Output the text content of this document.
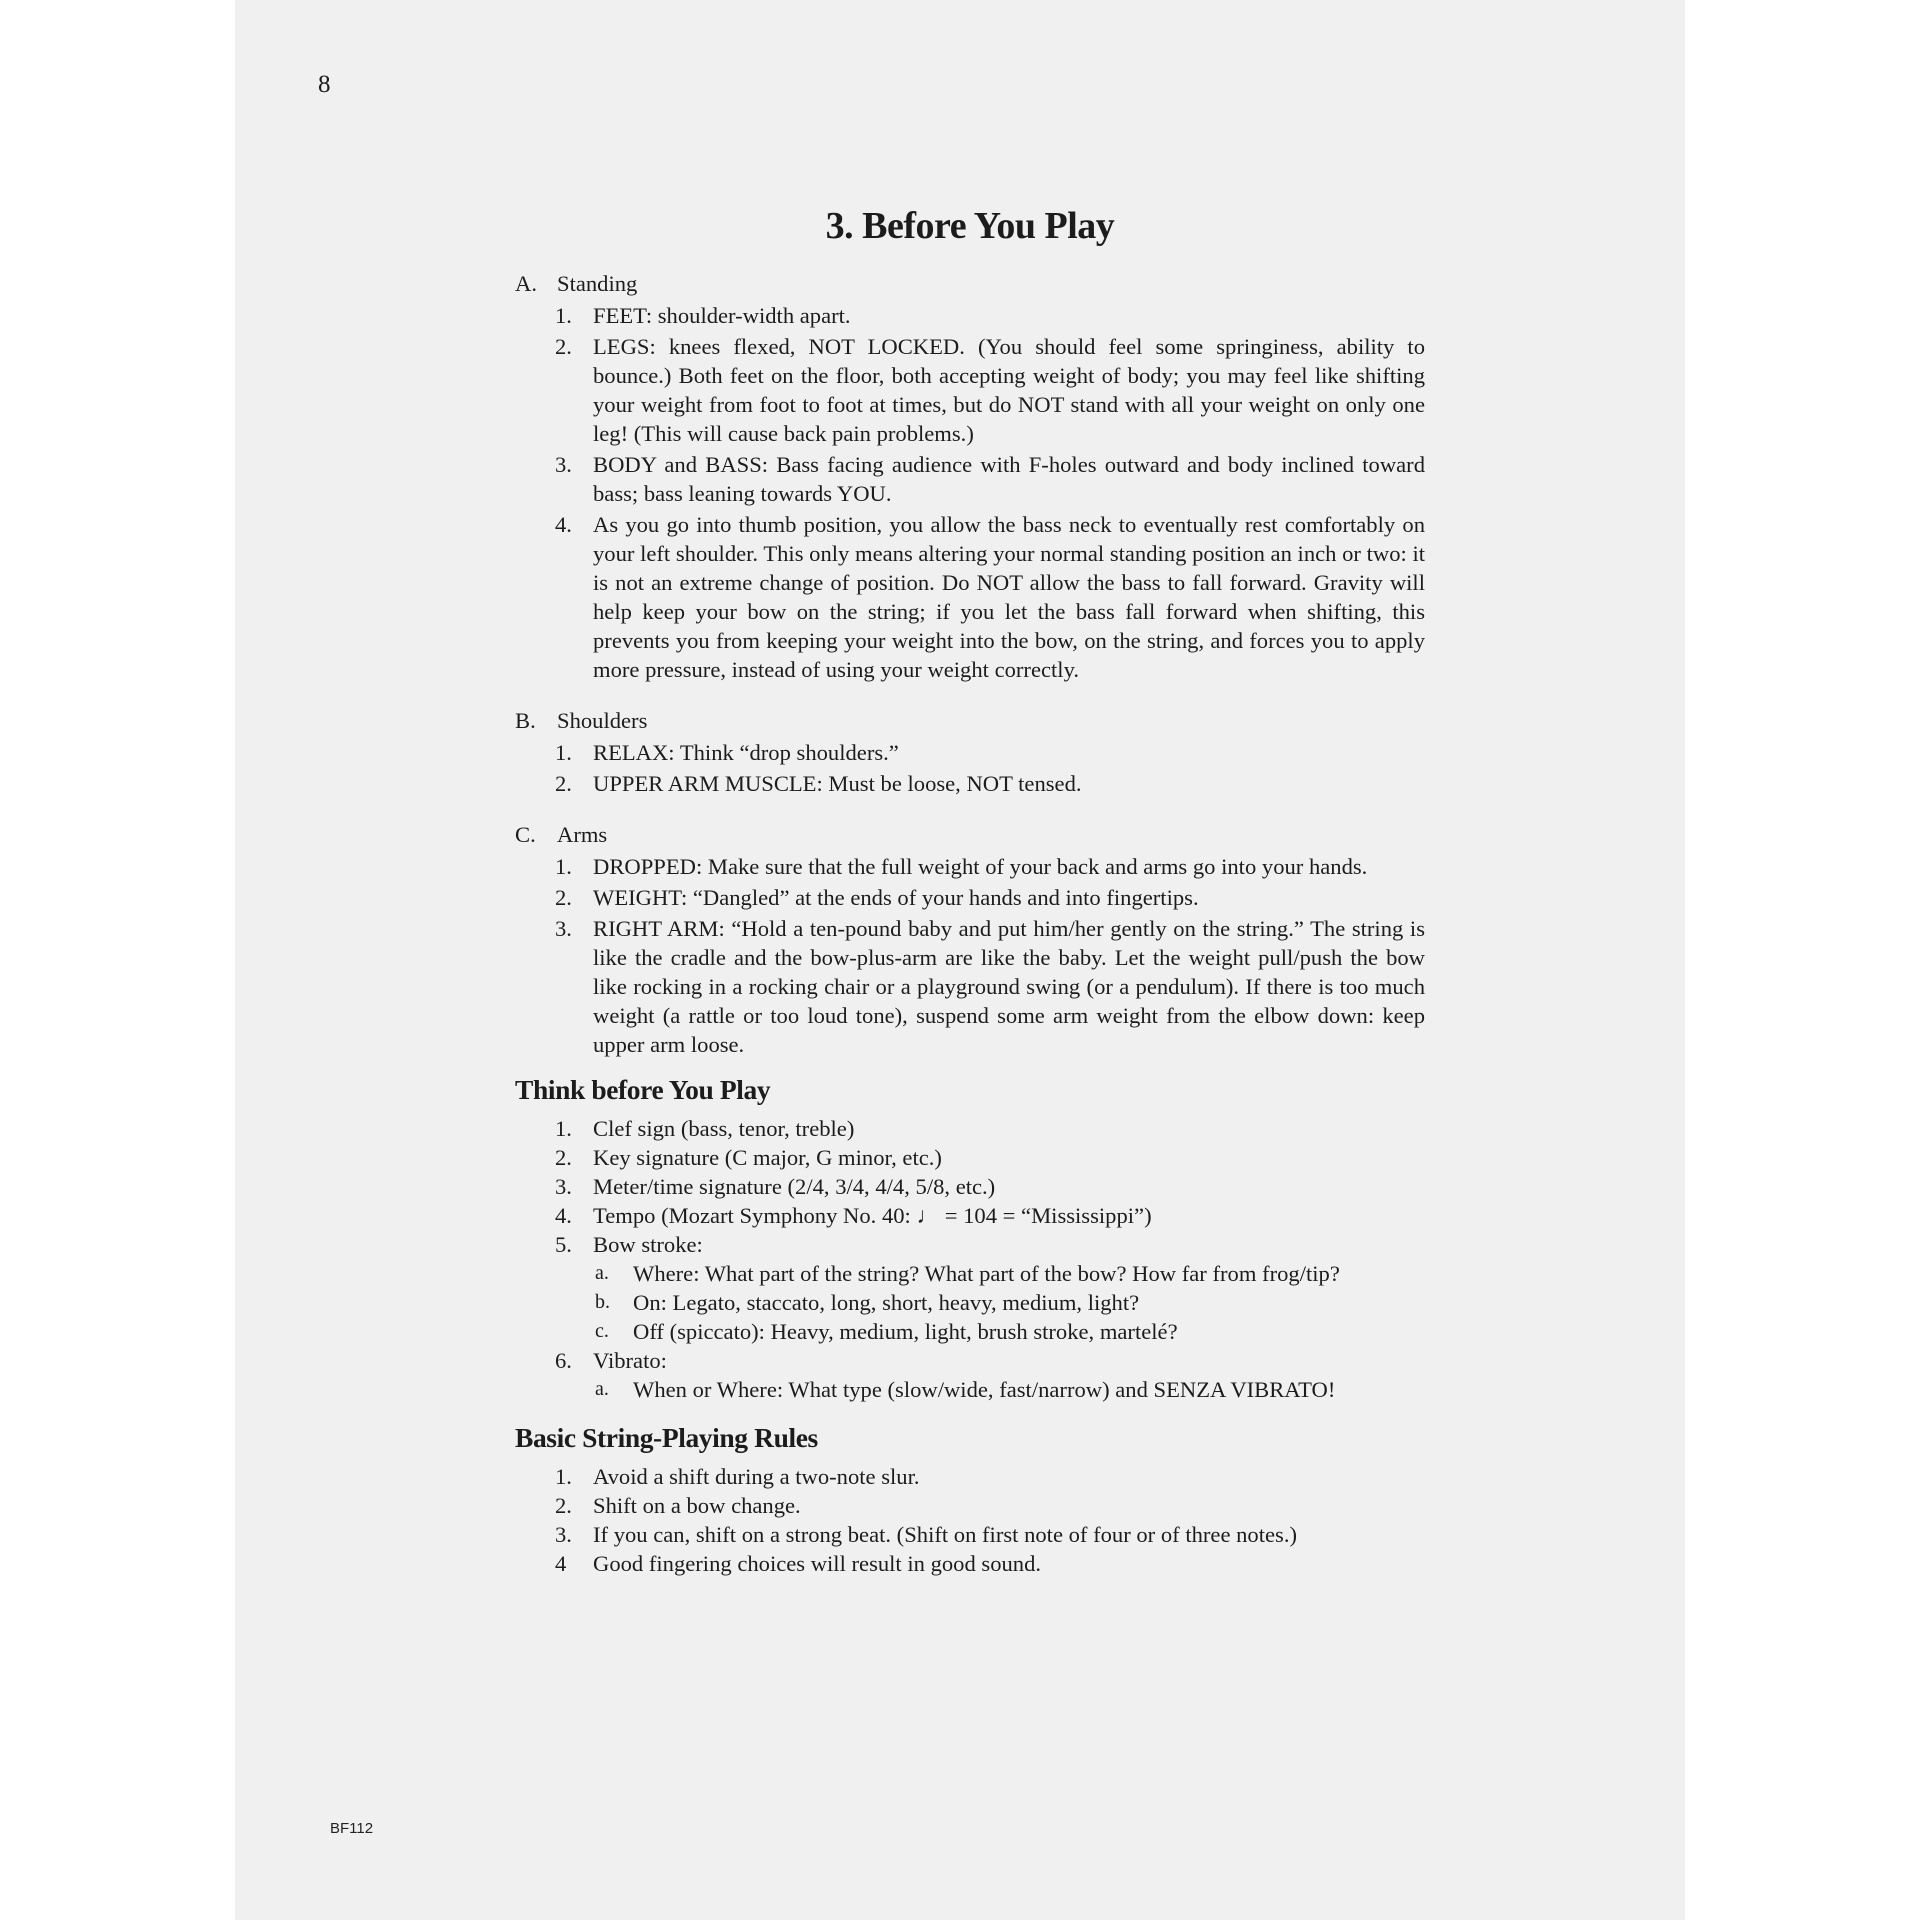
8
3. Before You Play
A. Standing
1. FEET: shoulder-width apart.
2. LEGS: knees flexed, NOT LOCKED. (You should feel some springiness, ability to bounce.) Both feet on the floor, both accepting weight of body; you may feel like shifting your weight from foot to foot at times, but do NOT stand with all your weight on only one leg! (This will cause back pain problems.)
3. BODY and BASS: Bass facing audience with F-holes outward and body inclined toward bass; bass leaning towards YOU.
4. As you go into thumb position, you allow the bass neck to eventually rest comfortably on your left shoulder. This only means altering your normal standing position an inch or two: it is not an extreme change of position. Do NOT allow the bass to fall forward. Gravity will help keep your bow on the string; if you let the bass fall forward when shifting, this prevents you from keeping your weight into the bow, on the string, and forces you to apply more pressure, instead of using your weight correctly.
B. Shoulders
1. RELAX: Think “drop shoulders.”
2. UPPER ARM MUSCLE: Must be loose, NOT tensed.
C. Arms
1. DROPPED: Make sure that the full weight of your back and arms go into your hands.
2. WEIGHT: “Dangled” at the ends of your hands and into fingertips.
3. RIGHT ARM: “Hold a ten-pound baby and put him/her gently on the string.” The string is like the cradle and the bow-plus-arm are like the baby. Let the weight pull/push the bow like rocking in a rocking chair or a playground swing (or a pendulum). If there is too much weight (a rattle or too loud tone), suspend some arm weight from the elbow down: keep upper arm loose.
Think before You Play
1. Clef sign (bass, tenor, treble)
2. Key signature (C major, G minor, etc.)
3. Meter/time signature (2/4, 3/4, 4/4, 5/8, etc.)
4. Tempo (Mozart Symphony No. 40: ♩ = 104 = “Mississippi”)
5. Bow stroke:
a.	Where: What part of the string? What part of the bow? How far from frog/tip?
b.	On: Legato, staccato, long, short, heavy, medium, light?
c.	Off (spiccato): Heavy, medium, light, brush stroke, martelé?
6. Vibrato:
a.	When or Where: What type (slow/wide, fast/narrow) and SENZA VIBRATO!
Basic String-Playing Rules
1. Avoid a shift during a two-note slur.
2. Shift on a bow change.
3. If you can, shift on a strong beat. (Shift on first note of four or of three notes.)
4	Good fingering choices will result in good sound.
BF112
